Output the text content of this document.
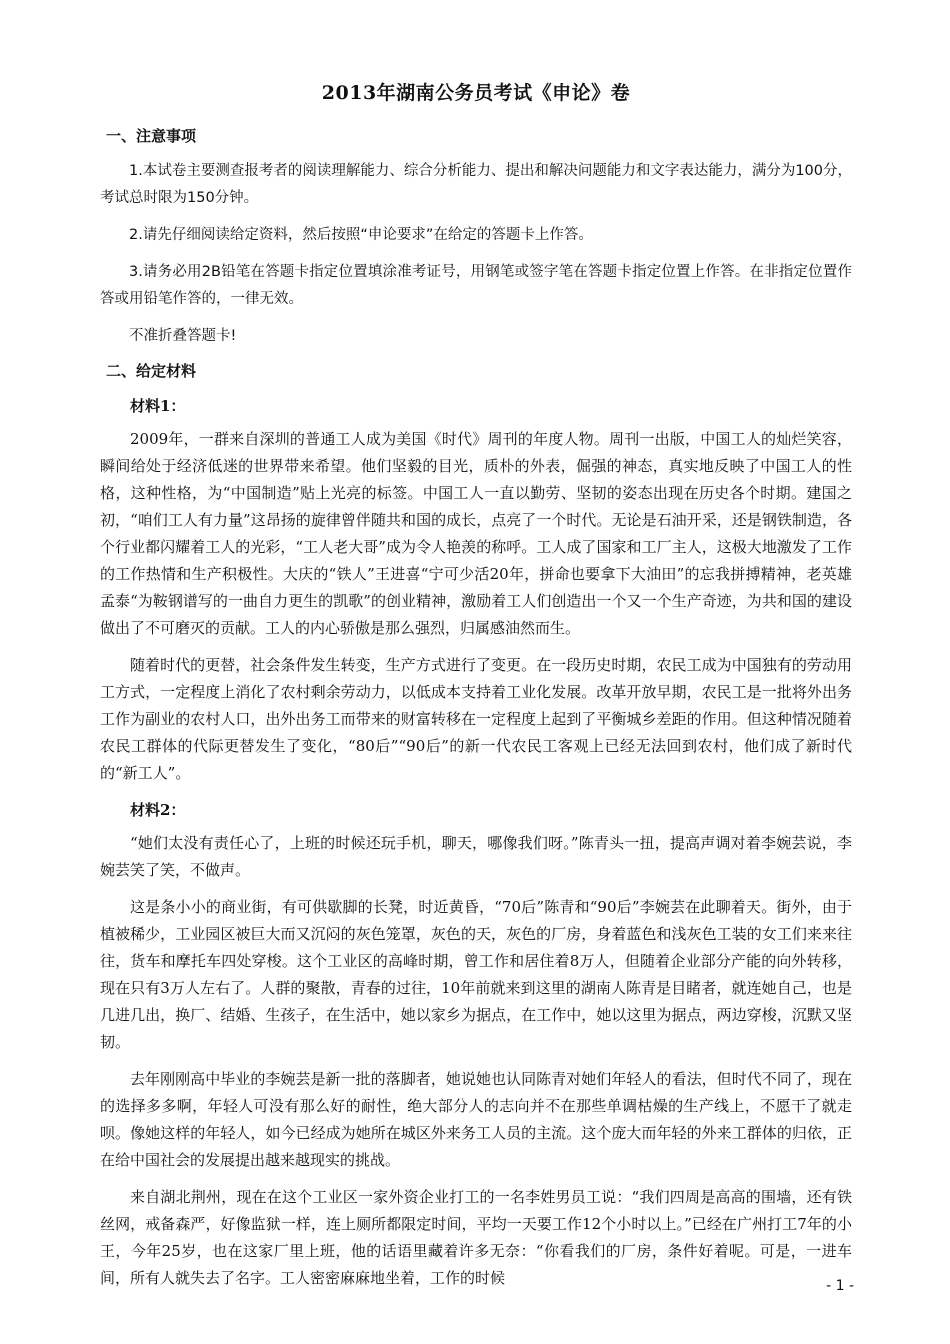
2013年湖南公务员考试《申论》卷
一、注意事项

1.本试卷主要测查报考者的阅读理解能力、综合分析能力、提出和解决问题能力和文字表达能力，满分为100分，考试总时限为150分钟。

2.请先仔细阅读给定资料，然后按照“申论要求”在给定的答题卡上作答。

3.请务必用2B铅笔在答题卡指定位置填涂准考证号，用钢笔或签字笔在答题卡指定位置上作答。在非指定位置作答或用铅笔作答的，一律无效。

不准折叠答题卡!

二、给定材料

材料1：

2009年，一群来自深圳的普通工人成为美国《时代》周刊的年度人物。周刊一出版，中国工人的灿烂笑容，瞬间给处于经济低迷的世界带来希望。他们坚毅的目光，质朴的外表，倔强的神态，真实地反映了中国工人的性格，这种性格，为“中国制造”贴上光亮的标签。中国工人一直以勤劳、坚韧的姿态出现在历史各个时期。建国之初，“咱们工人有力量”这昂扬的旋律曾伴随共和国的成长，点亮了一个时代。无论是石油开采，还是钢铁制造，各个行业都闪耀着工人的光彩，“工人老大哥”成为令人艳羡的称呼。工人成了国家和工厂主人，这极大地激发了工作的工作热情和生产积极性。大庆的“铁人”王进喜“宁可少活20年，拼命也要拿下大油田”的忘我拼搏精神，老英雄孟泰“为鞍钢谱写的一曲自力更生的凯歌”的创业精神，激励着工人们创造出一个又一个生产奇迹，为共和国的建设做出了不可磨灭的贡献。工人的内心骄傲是那么强烈，归属感油然而生。

随着时代的更替，社会条件发生转变，生产方式进行了变更。在一段历史时期，农民工成为中国独有的劳动用工方式，一定程度上消化了农村剩余劳动力，以低成本支持着工业化发展。改革开放早期，农民工是一批将外出务工作为副业的农村人口，出外出务工而带来的财富转移在一定程度上起到了平衡城乡差距的作用。但这种情况随着农民工群体的代际更替发生了变化，“80后”“90后”的新一代农民工客观上已经无法回到农村，他们成了新时代的“新工人”。

材料2：

“她们太没有责任心了，上班的时候还玩手机，聊天，哪像我们呀。”陈青头一扭，提高声调对着李婉芸说，李婉芸笑了笑，不做声。

这是条小小的商业街，有可供歇脚的长凳，时近黄昏，“70后”陈青和“90后”李婉芸在此聊着天。街外，由于植被稀少，工业园区被巨大而又沉闷的灰色笼罩，灰色的天，灰色的厂房，身着蓝色和浅灰色工装的女工们来来往往，货车和摩托车四处穿梭。这个工业区的高峰时期，曾工作和居住着8万人，但随着企业部分产能的向外转移，现在只有3万人左右了。人群的聚散，青春的过往，10年前就来到这里的湖南人陈青是目睹者，就连她自己，也是几进几出，换厂、结婚、生孩子，在生活中，她以家乡为据点，在工作中，她以这里为据点，两边穿梭，沉默又坚韧。

去年刚刚高中毕业的李婉芸是新一批的落脚者，她说她也认同陈青对她们年轻人的看法，但时代不同了，现在的选择多多啊，年轻人可没有那么好的耐性，绝大部分人的志向并不在那些单调枯燥的生产线上，不愿干了就走呗。像她这样的年轻人，如今已经成为她所在城区外来务工人员的主流。这个庞大而年轻的外来工群体的归依，正在给中国社会的发展提出越来越现实的挑战。

来自湖北荆州，现在在这个工业区一家外资企业打工的一名李姓男员工说：“我们四周是高高的围墙，还有铁丝网，戒备森严，好像监狱一样，连上厕所都限定时间，平均一天要工作12个小时以上。”已经在广州打工7年的小王，今年25岁，也在这家厂里上班，他的话语里藏着许多无奈：“你看我们的厂房，条件好着呢。可是，一进车间，所有人就失去了名字。工人密密麻麻地坐着，工作的时候	- 1 -
